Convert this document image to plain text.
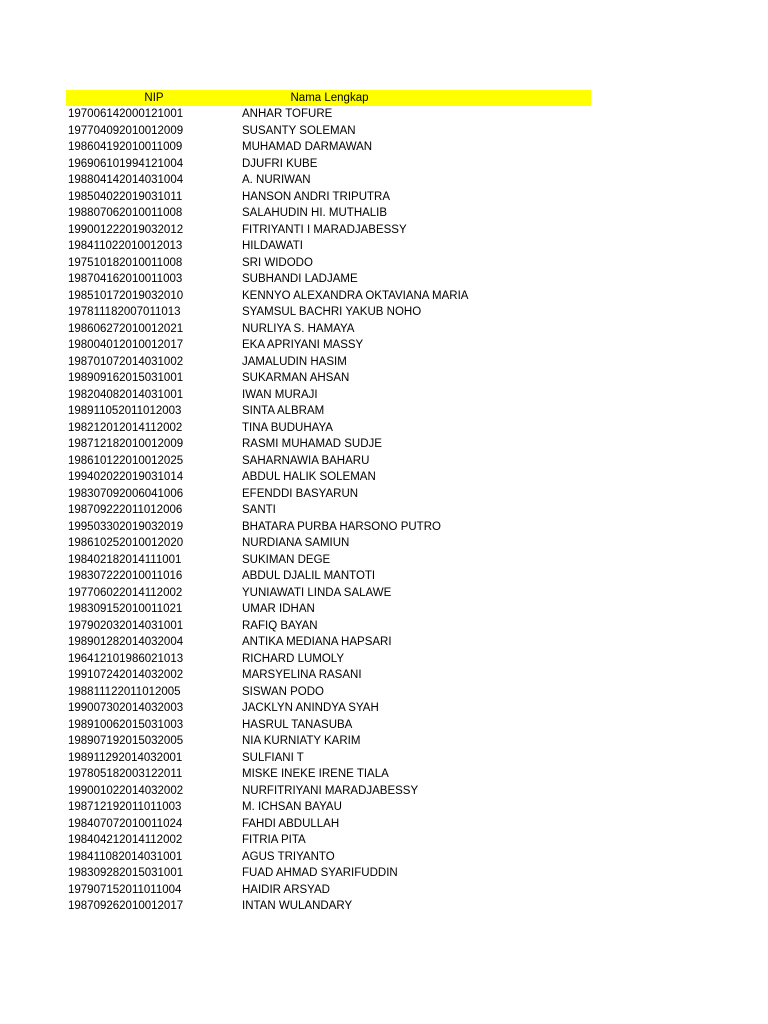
NIP	Nama Lengkap
197006142000121001	ANHAR TOFURE
197704092010012009	SUSANTY SOLEMAN
198604192010011009	MUHAMAD DARMAWAN
196906101994121004	DJUFRI KUBE
198804142014031004	A. NURIWAN
198504022019031011	HANSON ANDRI TRIPUTRA
198807062010011008	SALAHUDIN HI. MUTHALIB
199001222019032012	FITRIYANTI I MARADJABESSY
198411022010012013	HILDAWATI
197510182010011008	SRI WIDODO
198704162010011003	SUBHANDI LADJAME
198510172019032010	KENNYO ALEXANDRA OKTAVIANA MARIA
197811182007011013	SYAMSUL BACHRI YAKUB NOHO
198606272010012021	NURLIYA S. HAMAYA
198004012010012017	EKA APRIYANI MASSY
198701072014031002	JAMALUDIN HASIM
198909162015031001	SUKARMAN AHSAN
198204082014031001	IWAN MURAJI
198911052011012003	SINTA ALBRAM
198212012014112002	TINA BUDUHAYA
198712182010012009	RASMI MUHAMAD SUDJE
198610122010012025	SAHARNAWIA BAHARU
199402022019031014	ABDUL HALIK SOLEMAN
198307092006041006	EFENDDI BASYARUN
198709222011012006	SANTI
199503302019032019	BHATARA PURBA HARSONO PUTRO
198610252010012020	NURDIANA SAMIUN
198402182014111001	SUKIMAN DEGE
198307222010011016	ABDUL DJALIL MANTOTI
197706022014112002	YUNIAWATI LINDA SALAWE
198309152010011021	UMAR IDHAN
197902032014031001	RAFIQ BAYAN
198901282014032004	ANTIKA MEDIANA HAPSARI
196412101986021013	RICHARD LUMOLY
199107242014032002	MARSYELINA RASANI
198811122011012005	SISWAN PODO
199007302014032003	JACKLYN ANINDYA SYAH
198910062015031003	HASRUL TANASUBA
198907192015032005	NIA KURNIATY KARIM
198911292014032001	SULFIANI T
197805182003122011	MISKE INEKE IRENE TIALA
199001022014032002	NURFITRIYANI MARADJABESSY
198712192011011003	M. ICHSAN BAYAU
198407072010011024	FAHDI ABDULLAH
198404212014112002	FITRIA PITA
198411082014031001	AGUS TRIYANTO
198309282015031001	FUAD AHMAD SYARIFUDDIN
197907152011011004	HAIDIR ARSYAD
198709262010012017	INTAN WULANDARY
